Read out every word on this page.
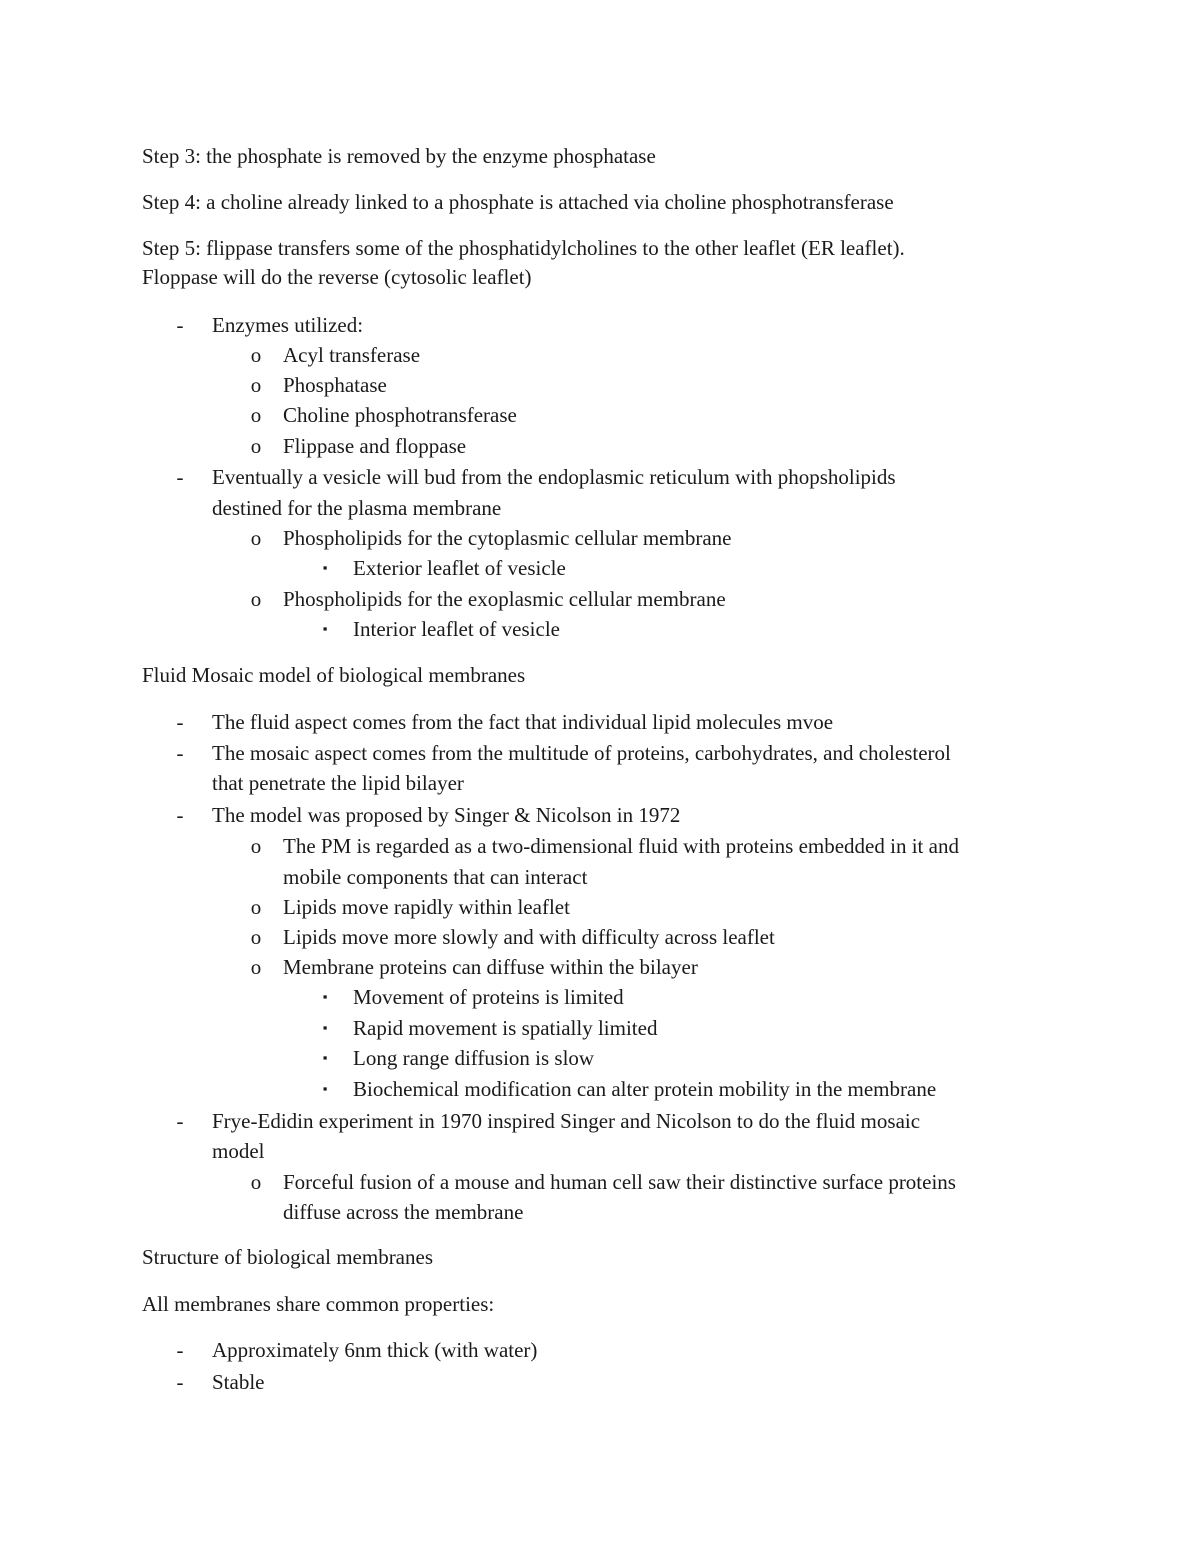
Step 3: the phosphate is removed by the enzyme phosphatase
Step 4: a choline already linked to a phosphate is attached via choline phosphotransferase
Step 5: flippase transfers some of the phosphatidylcholines to the other leaflet (ER leaflet).
Floppase will do the reverse (cytosolic leaflet)
- Enzymes utilized:
o Acyl transferase
o Phosphatase
o Choline phosphotransferase
o Flippase and floppase
- Eventually a vesicle will bud from the endoplasmic reticulum with phopsholipids
destined for the plasma membrane
o Phospholipids for the cytoplasmic cellular membrane
▪ Exterior leaflet of vesicle
o Phospholipids for the exoplasmic cellular membrane
▪ Interior leaflet of vesicle
Fluid Mosaic model of biological membranes
- The fluid aspect comes from the fact that individual lipid molecules mvoe
- The mosaic aspect comes from the multitude of proteins, carbohydrates, and cholesterol
that penetrate the lipid bilayer
- The model was proposed by Singer & Nicolson in 1972
o The PM is regarded as a two-dimensional fluid with proteins embedded in it and
mobile components that can interact
o Lipids move rapidly within leaflet
o Lipids move more slowly and with difficulty across leaflet
o Membrane proteins can diffuse within the bilayer
▪ Movement of proteins is limited
▪ Rapid movement is spatially limited
▪ Long range diffusion is slow
▪ Biochemical modification can alter protein mobility in the membrane
- Frye-Edidin experiment in 1970 inspired Singer and Nicolson to do the fluid mosaic
model
o Forceful fusion of a mouse and human cell saw their distinctive surface proteins
diffuse across the membrane
Structure of biological membranes
All membranes share common properties:
- Approximately 6nm thick (with water)
- Stable
